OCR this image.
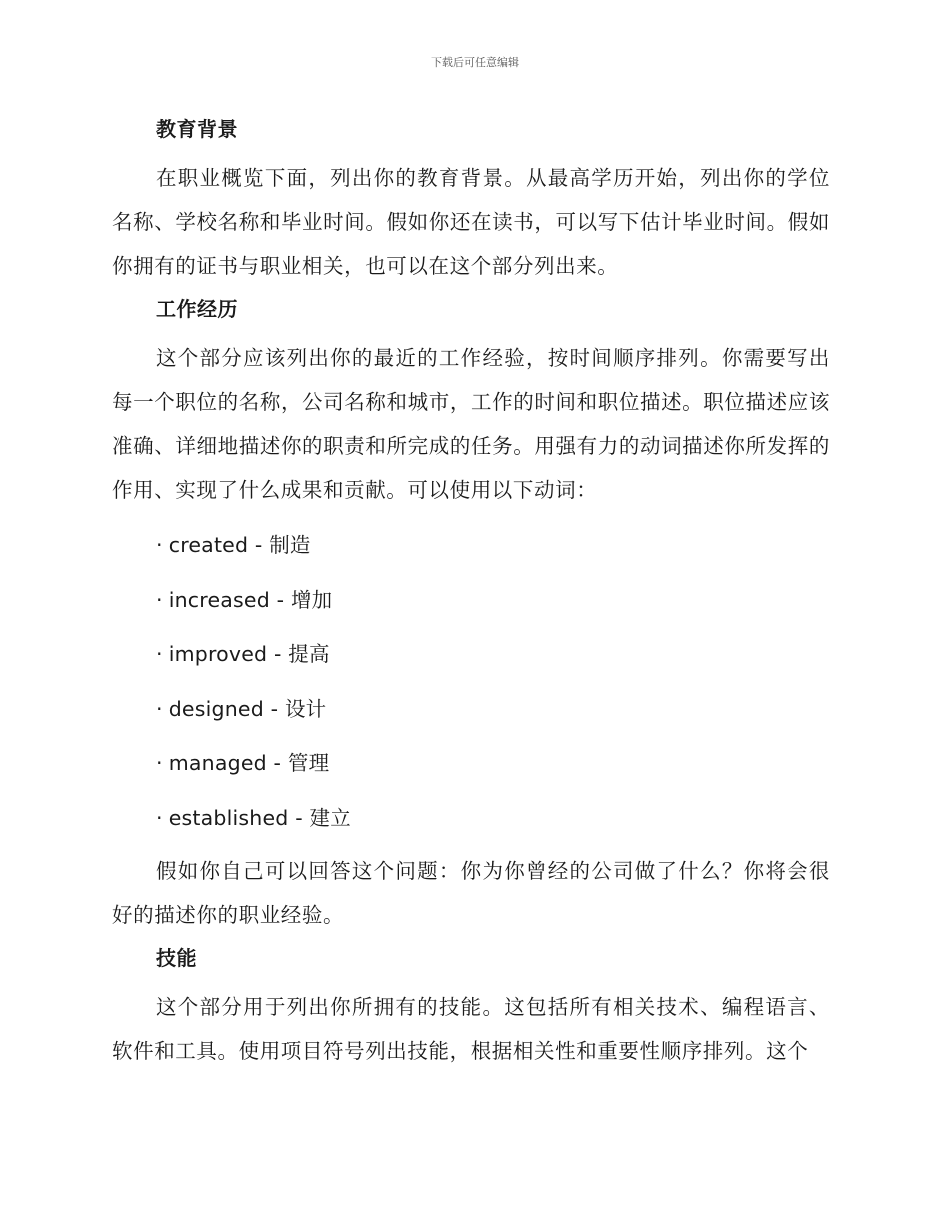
下载后可任意编辑
教育背景

在职业概览下面，列出你的教育背景。从最高学历开始，列出你的学位名称、学校名称和毕业时间。假如你还在读书，可以写下估计毕业时间。假如你拥有的证书与职业相关，也可以在这个部分列出来。

工作经历

这个部分应该列出你的最近的工作经验，按时间顺序排列。你需要写出每一个职位的名称，公司名称和城市，工作的时间和职位描述。职位描述应该准确、详细地描述你的职责和所完成的任务。用强有力的动词描述你所发挥的作用、实现了什么成果和贡献。可以使用以下动词：

· created - 制造
· increased - 增加
· improved - 提高
· designed - 设计
· managed - 管理
· established - 建立

假如你自己可以回答这个问题：你为你曾经的公司做了什么？你将会很好的描述你的职业经验。

技能

这个部分用于列出你所拥有的技能。这包括所有相关技术、编程语言、软件和工具。使用项目符号列出技能，根据相关性和重要性顺序排列。这个
